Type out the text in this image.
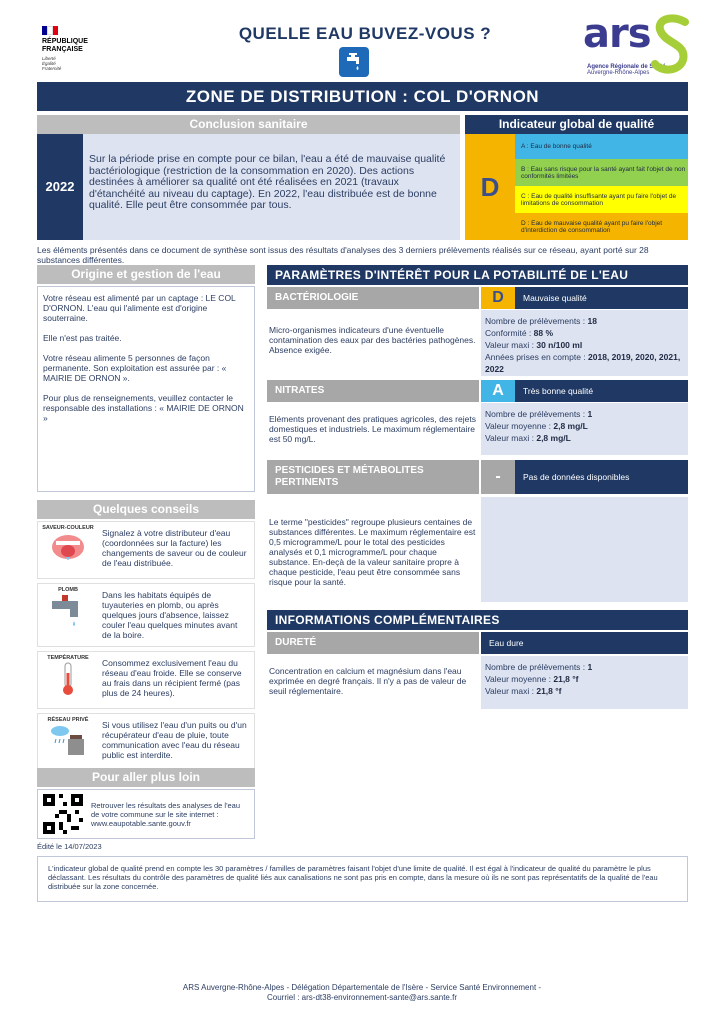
RÉPUBLIQUE
FRANÇAISE
Liberté
Égalité
Fraternité
QUELLE EAU BUVEZ-VOUS ?	ars
Agence Régionale de Santé
Auvergne-Rhône-Alpes
ZONE DE DISTRIBUTION : COL D'ORNON
Conclusion sanitaire
2022
Sur la période prise en compte pour ce bilan, l'eau a été de mauvaise qualité bactériologique (restriction de la consommation en 2020). Des actions destinées à améliorer sa qualité ont été réalisées en 2021 (travaux d'étanchéité au niveau du captage). En 2022, l'eau distribuée est de bonne qualité. Elle peut être consommée par tous.
Indicateur global de qualité
D
A : Eau de bonne qualité
B : Eau sans risque pour la santé ayant fait l'objet de non conformités limitées
C : Eau de qualité insuffisante ayant pu faire l'objet de limitations de consommation
D : Eau de mauvaise qualité ayant pu faire l'objet d'interdiction de consommation
Les éléments présentés dans ce document de synthèse sont issus des résultats d'analyses des 3 derniers prélèvements réalisés sur ce réseau, ayant porté sur 28 substances différentes.
Origine et gestion de l'eau

Votre réseau est alimenté par un captage : LE COL D'ORNON. L'eau qui l'alimente est d'origine souterraine.

Elle n'est pas traitée.

Votre réseau alimente 5 personnes de façon permanente. Son exploitation est assurée par : « MAIRIE DE ORNON ».

Pour plus de renseignements, veuillez contacter le responsable des installations : « MAIRIE DE ORNON »

Quelques conseils
SAVEUR-COULEUR Signalez à votre distributeur d'eau (coordonnées sur la facture) les changements de saveur ou de couleur de l'eau distribuée.
PLOMB	Dans les habitats équipés de tuyauteries en plomb, ou après quelques jours d'absence, laissez couler l'eau quelques minutes avant de la boire.
TEMPÉRATURE	Consommez exclusivement l'eau du réseau d'eau froide. Elle se conserve au frais dans un récipient fermé (pas plus de 24 heures).
RÉSEAU PRIVÉ	Si vous utilisez l'eau d'un puits ou d'un récupérateur d'eau de pluie, toute communication avec l'eau du réseau public est interdite.
Pour aller plus loin
Retrouver les résultats des analyses de l'eau de votre commune sur le site internet : www.eaupotable.sante.gouv.fr
Édité le 14/07/2023
PARAMÈTRES D'INTÉRÊT POUR LA POTABILITÉ DE L'EAU
BACTÉRIOLOGIE	D	Mauvaise qualité
Micro-organismes indicateurs d'une éventuelle contamination des eaux par des bactéries pathogènes. Absence exigée.
Nombre de prélèvements : 18
Conformité : 88 %
Valeur maxi : 30 n/100 ml
Années prises en compte : 2018, 2019, 2020, 2021, 2022
NITRATES	A	Très bonne qualité
Eléments provenant des pratiques agricoles, des rejets domestiques et industriels. Le maximum réglementaire est 50 mg/L.
Nombre de prélèvements : 1
Valeur moyenne : 2,8 mg/L
Valeur maxi : 2,8 mg/L
PESTICIDES ET MÉTABOLITES PERTINENTS	-	Pas de données disponibles
Le terme "pesticides" regroupe plusieurs centaines de substances différentes. Le maximum réglementaire est 0,5 microgramme/L pour le total des pesticides analysés et 0,1 microgramme/L pour chaque substance. En-deçà de la valeur sanitaire propre à chaque pesticide, l'eau peut être consommée sans risque pour la santé.
INFORMATIONS COMPLÉMENTAIRES
DURETÉ	Eau dure
Concentration en calcium et magnésium dans l'eau exprimée en degré français. Il n'y a pas de valeur de seuil réglementaire.
Nombre de prélèvements : 1
Valeur moyenne : 21,8 °f
Valeur maxi : 21,8 °f
L'indicateur global de qualité prend en compte les 30 paramètres / familles de paramètres faisant l'objet d'une limite de qualité. Il est égal à l'indicateur de qualité du paramètre le plus déclassant. Les résultats du contrôle des paramètres de qualité liés aux canalisations ne sont pas pris en compte, dans la mesure où ils ne sont pas représentatifs de la qualité de l'eau distribuée sur la zone concernée.
ARS Auvergne-Rhône-Alpes - Délégation Départementale de l'Isère - Service Santé Environnement -
Courriel : ars-dt38-environnement-sante@ars.sante.fr
